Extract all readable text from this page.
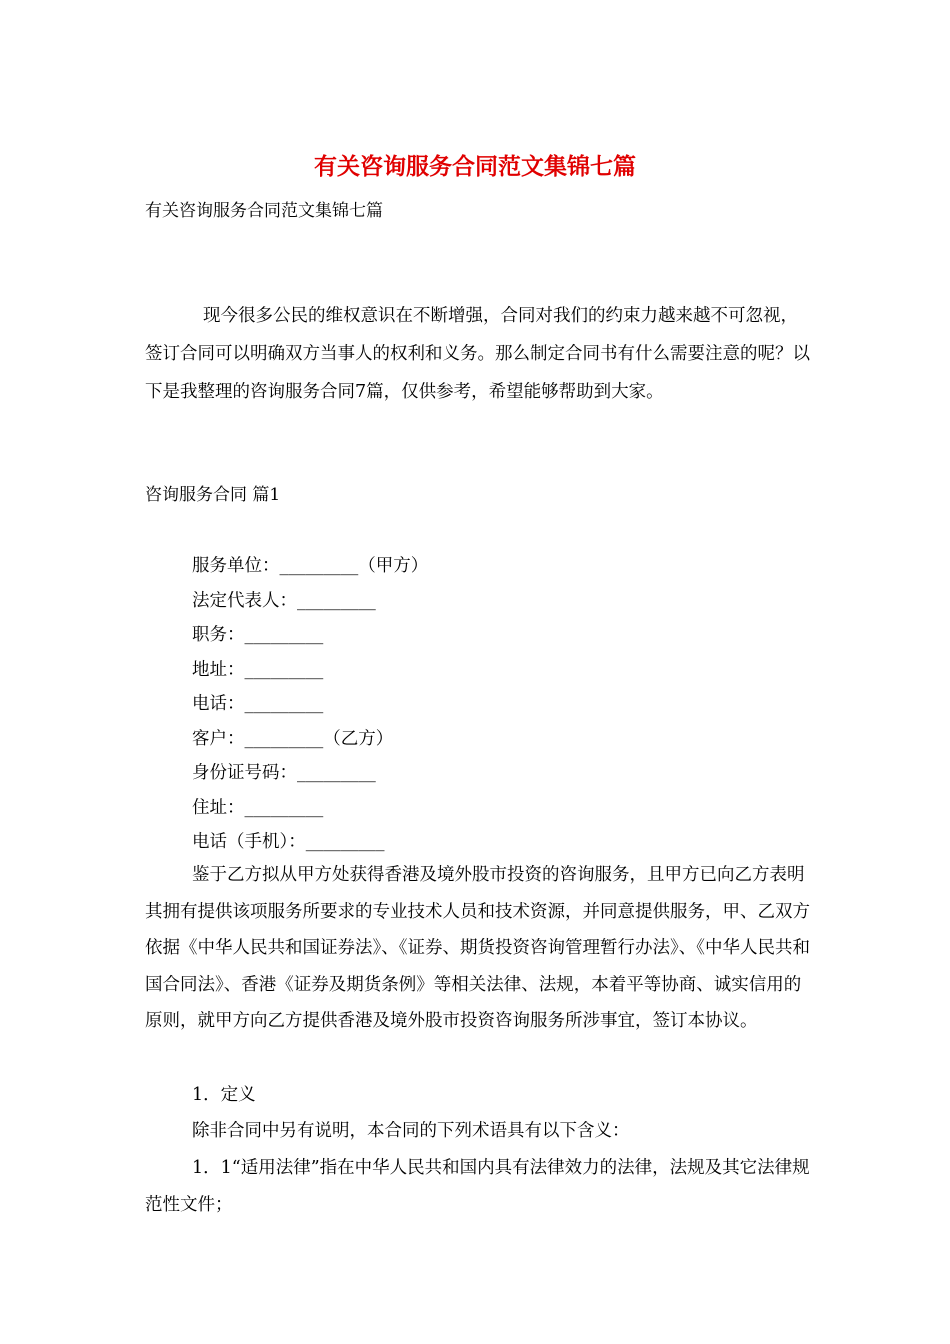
有关咨询服务合同范文集锦七篇
有关咨询服务合同范文集锦七篇

现今很多公民的维权意识在不断增强，合同对我们的约束力越来越不可忽视，签订合同可以明确双方当事人的权利和义务。那么制定合同书有什么需要注意的呢？以下是我整理的咨询服务合同7篇，仅供参考，希望能够帮助到大家。

咨询服务合同 篇1
服务单位：_________（甲方）
法定代表人：_________
职务：_________
地址：_________
电话：_________
客户：_________（乙方）
身份证号码：_________
住址：_________
电话（手机）：_________

鉴于乙方拟从甲方处获得香港及境外股市投资的咨询服务，且甲方已向乙方表明其拥有提供该项服务所要求的专业技术人员和技术资源，并同意提供服务，甲、乙双方依据《中华人民共和国证券法》、《证券、期货投资咨询管理暂行办法》、《中华人民共和国合同法》、香港《证券及期货条例》等相关法律、法规，本着平等协商、诚实信用的原则，就甲方向乙方提供香港及境外股市投资咨询服务所涉事宜，签订本协议。

1．定义

除非合同中另有说明，本合同的下列术语具有以下含义：

1．1“适用法律”指在中华人民共和国内具有法律效力的法律，法规及其它法律规范性文件；
